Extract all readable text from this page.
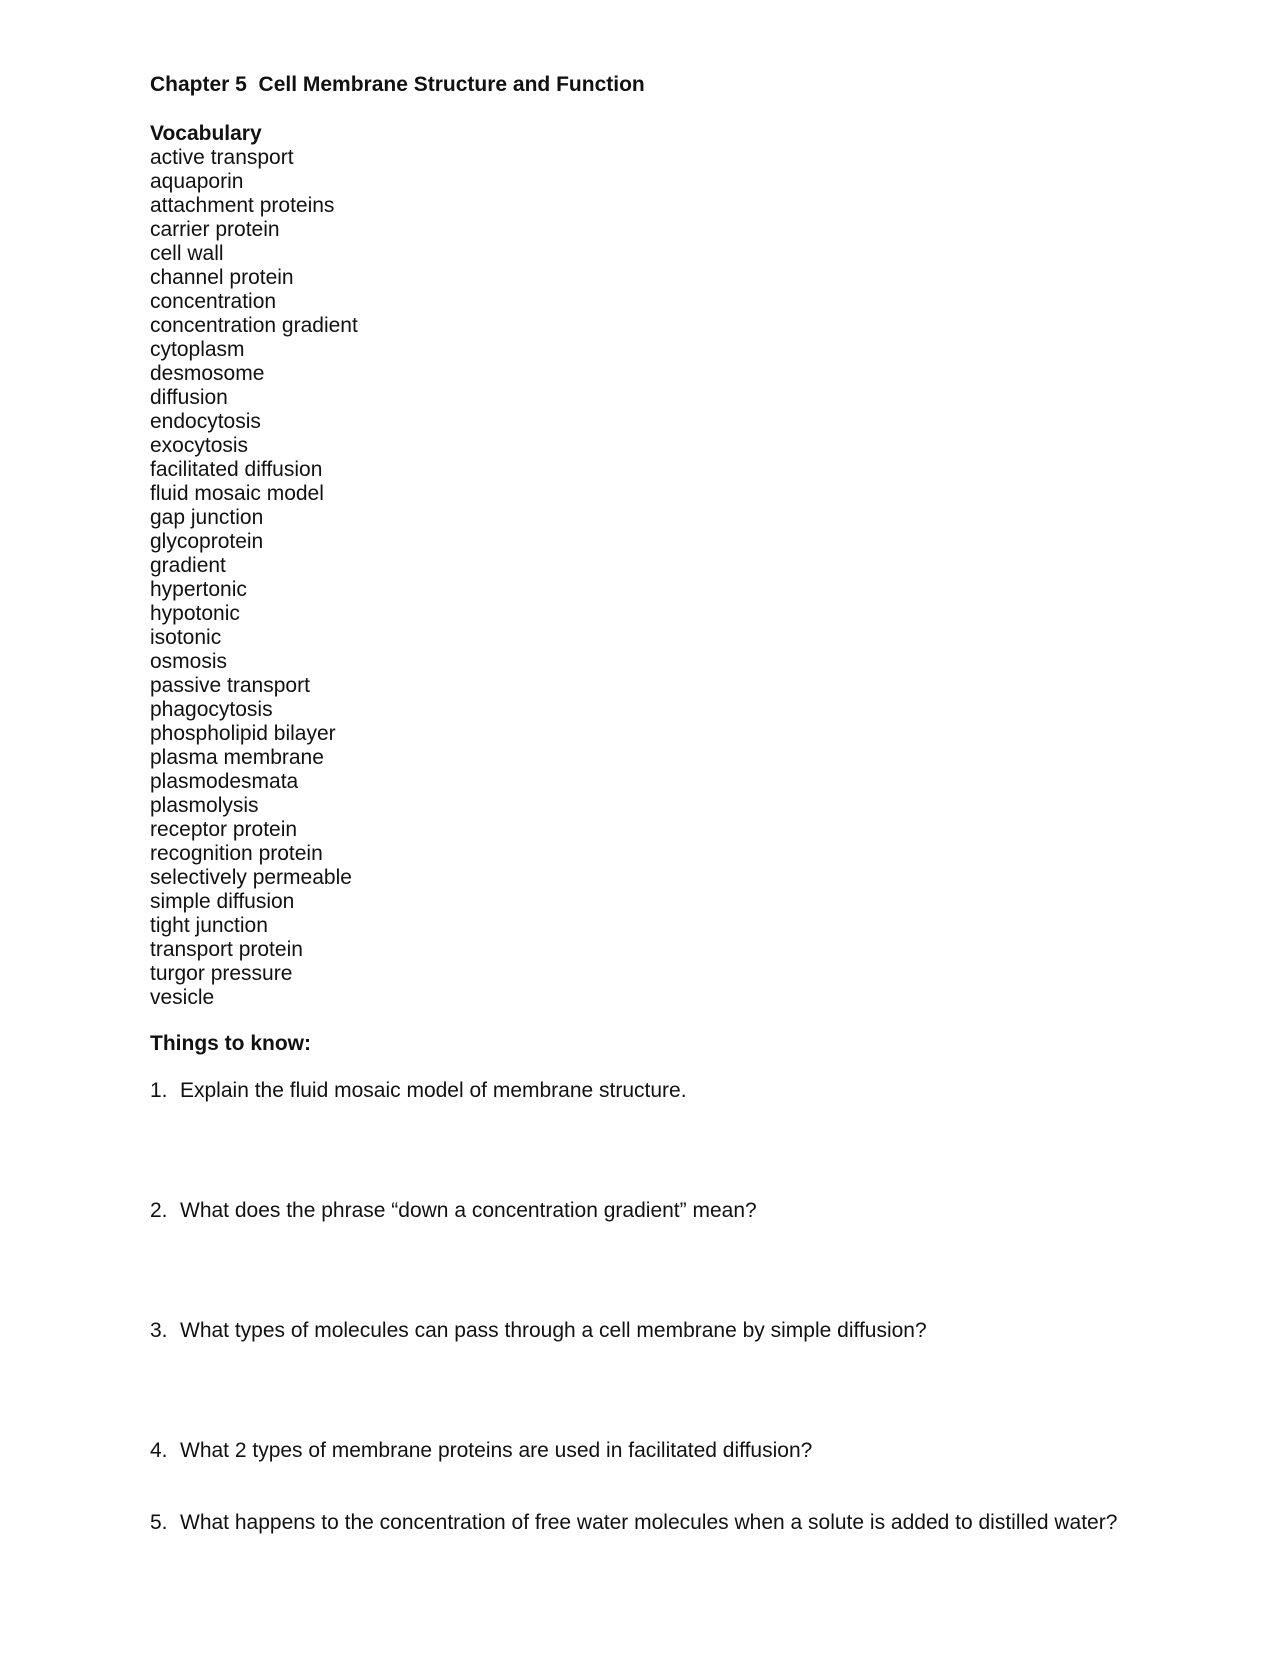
Chapter 5  Cell Membrane Structure and Function
Vocabulary
active transport
aquaporin
attachment proteins
carrier protein
cell wall
channel protein
concentration
concentration gradient
cytoplasm
desmosome
diffusion
endocytosis
exocytosis
facilitated diffusion
fluid mosaic model
gap junction
glycoprotein
gradient
hypertonic
hypotonic
isotonic
osmosis
passive transport
phagocytosis
phospholipid bilayer
plasma membrane
plasmodesmata
plasmolysis
receptor protein
recognition protein
selectively permeable
simple diffusion
tight junction
transport protein
turgor pressure
vesicle
Things to know:

1. Explain the fluid mosaic model of membrane structure.

2. What does the phrase “down a concentration gradient” mean?

3. What types of molecules can pass through a cell membrane by simple diffusion?

4. What 2 types of membrane proteins are used in facilitated diffusion?

5. What happens to the concentration of free water molecules when a solute is added to distilled water?
